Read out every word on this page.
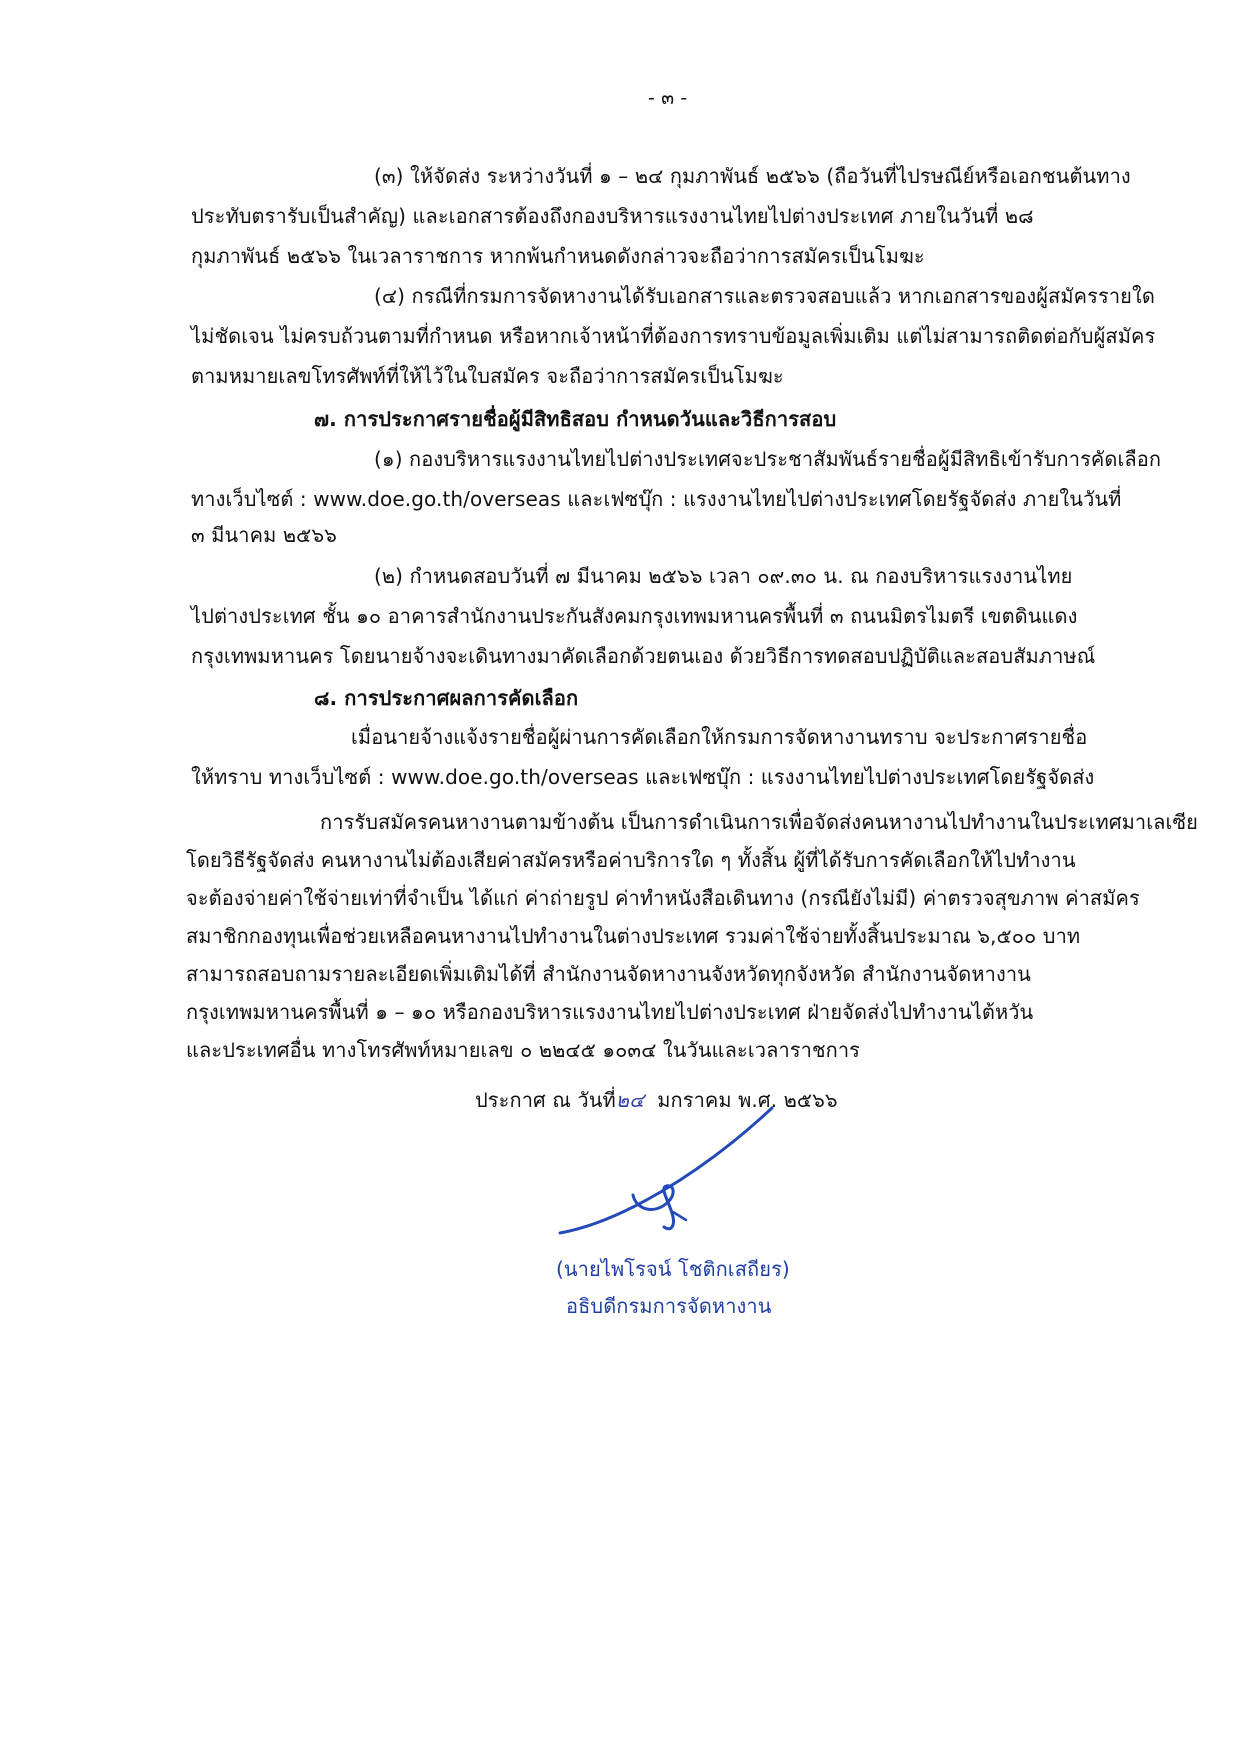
- ๓ -
(๓) ให้จัดส่ง ระหว่างวันที่ ๑ – ๒๔ กุมภาพันธ์ ๒๕๖๖ (ถือวันที่ไปรษณีย์หรือเอกชนต้นทาง
ประทับตรารับเป็นสำคัญ) และเอกสารต้องถึงกองบริหารแรงงานไทยไปต่างประเทศ ภายในวันที่ ๒๘
กุมภาพันธ์ ๒๕๖๖ ในเวลาราชการ หากพ้นกำหนดดังกล่าวจะถือว่าการสมัครเป็นโมฆะ
(๔) กรณีที่กรมการจัดหางานได้รับเอกสารและตรวจสอบแล้ว หากเอกสารของผู้สมัครรายใด
ไม่ชัดเจน ไม่ครบถ้วนตามที่กำหนด หรือหากเจ้าหน้าที่ต้องการทราบข้อมูลเพิ่มเติม แต่ไม่สามารถติดต่อกับผู้สมัคร
ตามหมายเลขโทรศัพท์ที่ให้ไว้ในใบสมัคร จะถือว่าการสมัครเป็นโมฆะ
๗. การประกาศรายชื่อผู้มีสิทธิสอบ กำหนดวันและวิธีการสอบ
(๑) กองบริหารแรงงานไทยไปต่างประเทศจะประชาสัมพันธ์รายชื่อผู้มีสิทธิเข้ารับการคัดเลือก
ทางเว็บไซต์ : www.doe.go.th/overseas และเฟซบุ๊ก : แรงงานไทยไปต่างประเทศโดยรัฐจัดส่ง ภายในวันที่
๓ มีนาคม ๒๕๖๖
(๒) กำหนดสอบวันที่ ๗ มีนาคม ๒๕๖๖ เวลา ๐๙.๓๐ น. ณ กองบริหารแรงงานไทย
ไปต่างประเทศ ชั้น ๑๐ อาคารสำนักงานประกันสังคมกรุงเทพมหานครพื้นที่ ๓ ถนนมิตรไมตรี เขตดินแดง
กรุงเทพมหานคร โดยนายจ้างจะเดินทางมาคัดเลือกด้วยตนเอง ด้วยวิธีการทดสอบปฏิบัติและสอบสัมภาษณ์
๘. การประกาศผลการคัดเลือก
เมื่อนายจ้างแจ้งรายชื่อผู้ผ่านการคัดเลือกให้กรมการจัดหางานทราบ จะประกาศรายชื่อ
ให้ทราบ ทางเว็บไซต์ : www.doe.go.th/overseas และเฟซบุ๊ก : แรงงานไทยไปต่างประเทศโดยรัฐจัดส่ง
การรับสมัครคนหางานตามข้างต้น เป็นการดำเนินการเพื่อจัดส่งคนหางานไปทำงานในประเทศมาเลเซีย
โดยวิธีรัฐจัดส่ง คนหางานไม่ต้องเสียค่าสมัครหรือค่าบริการใด ๆ ทั้งสิ้น ผู้ที่ได้รับการคัดเลือกให้ไปทำงาน
จะต้องจ่ายค่าใช้จ่ายเท่าที่จำเป็น ได้แก่ ค่าถ่ายรูป ค่าทำหนังสือเดินทาง (กรณียังไม่มี) ค่าตรวจสุขภาพ ค่าสมัคร
สมาชิกกองทุนเพื่อช่วยเหลือคนหางานไปทำงานในต่างประเทศ รวมค่าใช้จ่ายทั้งสิ้นประมาณ ๖,๕๐๐ บาท
สามารถสอบถามรายละเอียดเพิ่มเติมได้ที่ สำนักงานจัดหางานจังหวัดทุกจังหวัด สำนักงานจัดหางาน
กรุงเทพมหานครพื้นที่ ๑ – ๑๐ หรือกองบริหารแรงงานไทยไปต่างประเทศ ฝ่ายจัดส่งไปทำงานไต้หวัน
และประเทศอื่น ทางโทรศัพท์หมายเลข ๐ ๒๒๔๕ ๑๐๓๔ ในวันและเวลาราชการ
ประกาศ ณ วันที่๒๔ มกราคม พ.ศ. ๒๕๖๖
(นายไพโรจน์ โชติกเสถียร)
อธิบดีกรมการจัดหางาน
